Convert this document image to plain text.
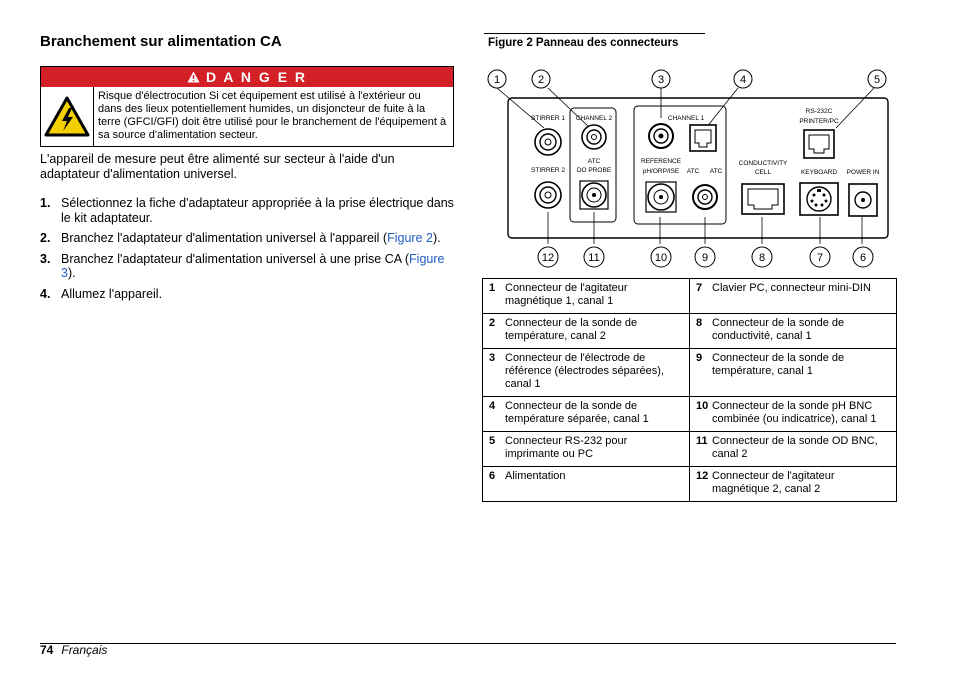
Branchement sur alimentation CA
D A N G E R
Risque d'électrocution Si cet équipement est utilisé à l'extérieur ou dans des lieux potentiellement humides, un disjoncteur de fuite à la terre (GFCI/GFI) doit être utilisé pour le branchement de l'équipement à sa source d'alimentation secteur.

L'appareil de mesure peut être alimenté sur secteur à l'aide d'un adaptateur d'alimentation universel.

1. Sélectionnez la fiche d'adaptateur appropriée à la prise électrique dans le kit adaptateur.
2. Branchez l'adaptateur d'alimentation universel à l'appareil (Figure 2).
3. Branchez l'adaptateur d'alimentation universel à une prise CA (Figure 3).
4. Allumez l'appareil.
Figure 2 Panneau des connecteurs
1	2	3	4	5
STIRRER 1 CHANNEL 2	CHANNEL 1
RS-232C
PRINTER/PC
STIRRER 2
ATC
DO PROBE
REFERENCE
pH/ORP/ISE ATC ATC
CONDUCTIVITY
CELL	KEYBOARD POWER IN
12	11	10	9	8	7	6
1 Connecteur de l'agitateur magnétique 1, canal 1	7 Clavier PC, connecteur mini-DIN
2 Connecteur de la sonde de température, canal 2	8 Connecteur de la sonde de conductivité, canal 1
3 Connecteur de l'électrode de référence (électrodes séparées), canal 1	9 Connecteur de la sonde de température, canal 1
4 Connecteur de la sonde de température séparée, canal 1	10 Connecteur de la sonde pH BNC combinée (ou indicatrice), canal 1
5 Connecteur RS-232 pour imprimante ou PC	11 Connecteur de la sonde OD BNC, canal 2
6 Alimentation	12 Connecteur de l'agitateur magnétique 2, canal 2
74 Français
